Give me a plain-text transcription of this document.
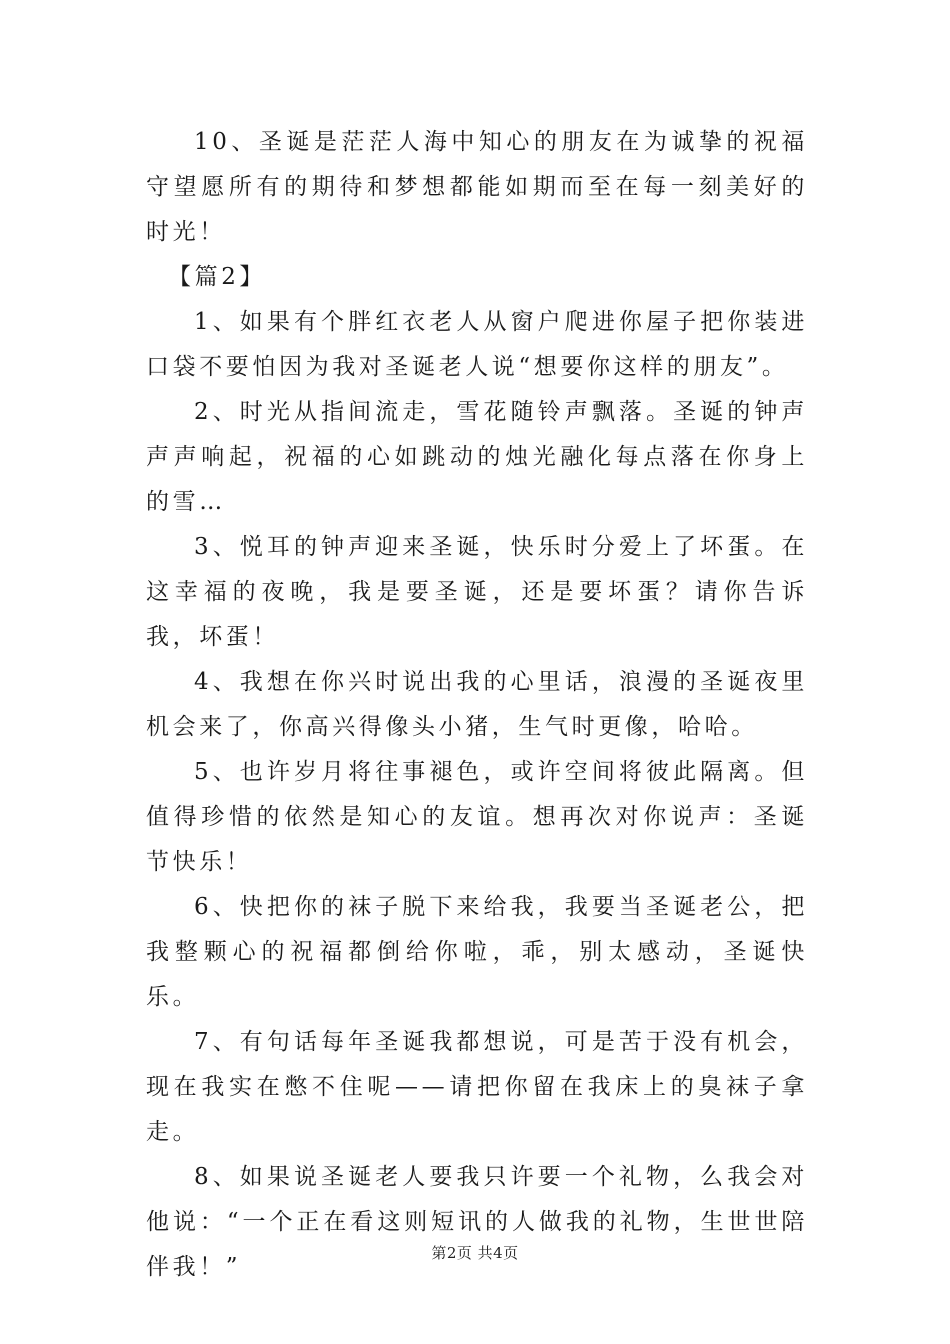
10、圣诞是茫茫人海中知心的朋友在为诚挚的祝福守望愿所有的期待和梦想都能如期而至在每一刻美好的时光！

【篇2】

1、如果有个胖红衣老人从窗户爬进你屋子把你装进口袋不要怕因为我对圣诞老人说“想要你这样的朋友”。

2、时光从指间流走，雪花随铃声飘落。圣诞的钟声声声响起，祝福的心如跳动的烛光融化每点落在你身上的雪…

3、悦耳的钟声迎来圣诞，快乐时分爱上了坏蛋。在这幸福的夜晚，我是要圣诞，还是要坏蛋？请你告诉我，坏蛋！

4、我想在你兴时说出我的心里话，浪漫的圣诞夜里机会来了，你高兴得像头小猪，生气时更像，哈哈。

5、也许岁月将往事褪色，或许空间将彼此隔离。但值得珍惜的依然是知心的友谊。想再次对你说声：圣诞节快乐！

6、快把你的袜子脱下来给我，我要当圣诞老公，把我整颗心的祝福都倒给你啦，乖，别太感动，圣诞快乐。

7、有句话每年圣诞我都想说，可是苦于没有机会，现在我实在憋不住呢——请把你留在我床上的臭袜子拿走。

8、如果说圣诞老人要我只许要一个礼物，么我会对他说：“一个正在看这则短讯的人做我的礼物，生世世陪伴我！”

第2页 共4页
